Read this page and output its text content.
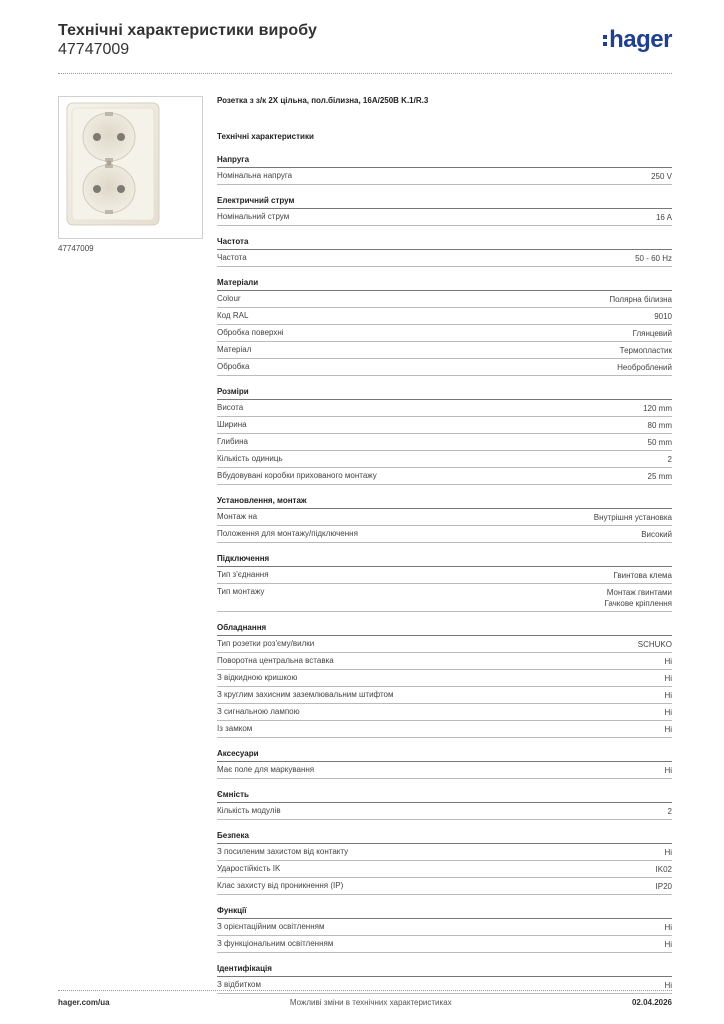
Технічні характеристики виробу
47747009	hager
47747009
Розетка з з/к 2Х цільна, пол.білизна, 16A/250В K.1/R.3
Технічні характеристики
Напруга
Номінальна напруга	250 V
Електричний струм
Номінальний струм	16 A
Частота
Частота	50 - 60 Hz
Матеріали
Colour	Полярна білизна
Код RAL	9010
Обробка поверхні	Глянцевий
Матеріал	Термопластик
Обробка	Необроблений
Розміри
Висота	120 mm
Ширина	80 mm
Глибина	50 mm
Кількість одиниць	2
Вбудовувані коробки прихованого монтажу	25 mm
Установлення, монтаж
Монтаж на	Внутрішня установка
Положення для монтажу/підключення	Високий
Підключення
Тип з'єднання	Гвинтова клема
Тип монтажу	Монтаж гвинтами
Гачкове кріплення
Обладнання
Тип розетки роз'єму/вилки	SCHUKO
Поворотна центральна вставка	Ні
З відкидною кришкою	Ні
З круглим захисним заземлювальним штифтом	Ні
З сигнальною лампою	Ні
Із замком	Ні
Аксесуари
Має поле для маркування	Ні
Ємність
Кількість модулів	2
Безпека
З посиленим захистом від контакту	Ні
Ударостійкість IK	IK02
Клас захисту від проникнення (IP)	IP20
Функції
З орієнтаційним освітленням	Ні
З функціональним освітленням	Ні
Ідентифікація
З відбитком	Ні
hager.com/ua	Можливі зміни в технічних характеристиках	02.04.2026
